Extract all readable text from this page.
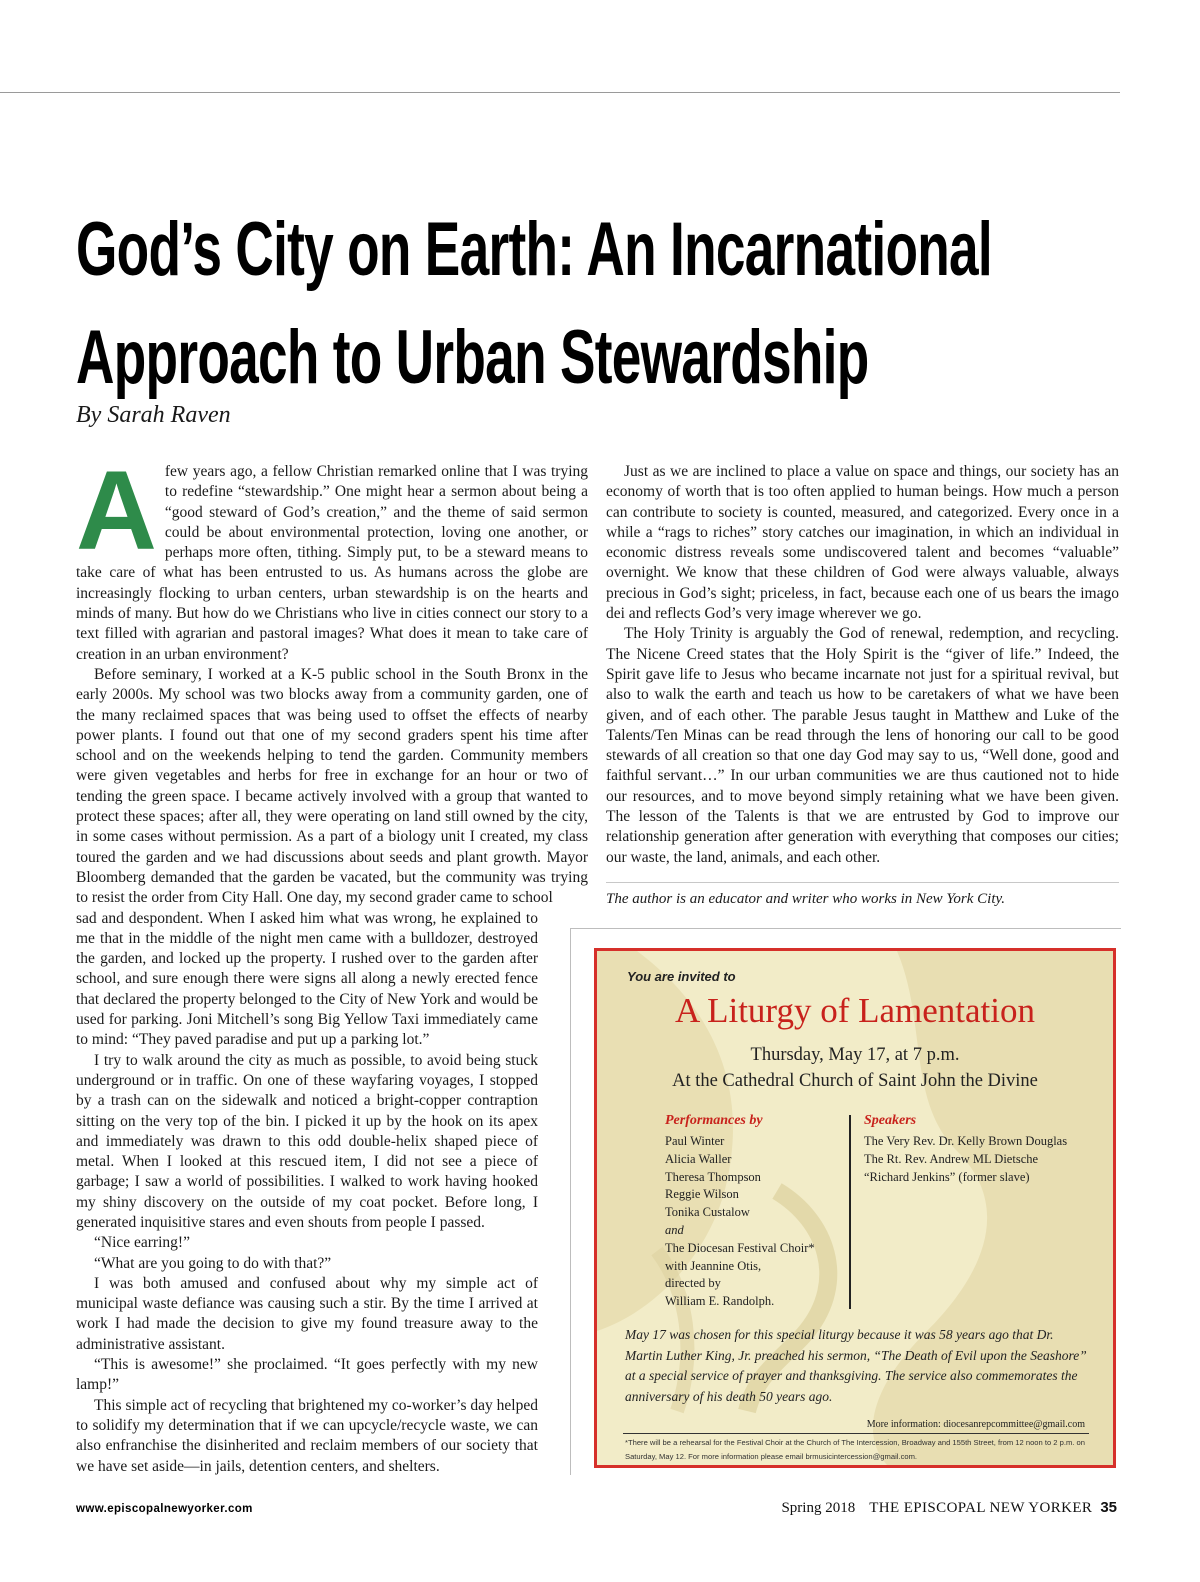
God’s City on Earth: An Incarnational
Approach to Urban Stewardship

By Sarah Raven

A few years ago, a fellow Christian remarked online that I was trying to redefine “stewardship.” One might hear a sermon about being a “good steward of God’s creation,” and the theme of said sermon could be about environmental protection, loving one another, or perhaps more often, tithing. Simply put, to be a steward means to take care of what has been entrusted to us. As humans across the globe are increasingly flocking to urban centers, urban stewardship is on the hearts and minds of many. But how do we Christians who live in cities connect our story to a text filled with agrarian and pastoral images? What does it mean to take care of creation in an urban environment?

Before seminary, I worked at a K-5 public school in the South Bronx in the early 2000s. My school was two blocks away from a community garden, one of the many reclaimed spaces that was being used to offset the effects of nearby power plants. I found out that one of my second graders spent his time after school and on the weekends helping to tend the garden. Community members were given vegetables and herbs for free in exchange for an hour or two of tending the green space. I became actively involved with a group that wanted to protect these spaces; after all, they were operating on land still owned by the city, in some cases without permission. As a part of a biology unit I created, my class toured the garden and we had discussions about seeds and plant growth. Mayor Bloomberg demanded that the garden be vacated, but the community was trying to resist the order from City Hall. One day, my second grader came to school

sad and despondent. When I asked him what was wrong, he explained to me that in the middle of the night men came with a bulldozer, destroyed the garden, and locked up the property. I rushed over to the garden after school, and sure enough there were signs all along a newly erected fence that declared the property belonged to the City of New York and would be used for parking. Joni Mitchell’s song Big Yellow Taxi immediately came to mind: “They paved paradise and put up a parking lot.”

I try to walk around the city as much as possible, to avoid being stuck underground or in traffic. On one of these wayfaring voyages, I stopped by a trash can on the sidewalk and noticed a bright-copper contraption sitting on the very top of the bin. I picked it up by the hook on its apex and immediately was drawn to this odd double-helix shaped piece of metal. When I looked at this rescued item, I did not see a piece of garbage; I saw a world of possibilities. I walked to work having hooked my shiny discovery on the outside of my coat pocket. Before long, I generated inquisitive stares and even shouts from people I passed.

“Nice earring!”

“What are you going to do with that?”

I was both amused and confused about why my simple act of municipal waste defiance was causing such a stir. By the time I arrived at work I had made the decision to give my found treasure away to the administrative assistant.

“This is awesome!” she proclaimed. “It goes perfectly with my new lamp!”

This simple act of recycling that brightened my co-worker’s day helped to solidify my determination that if we can upcycle/recycle waste, we can also enfranchise the disinherited and reclaim members of our society that we have set aside—in jails, detention centers, and shelters.

Just as we are inclined to place a value on space and things, our society has an economy of worth that is too often applied to human beings. How much a person can contribute to society is counted, measured, and categorized. Every once in a while a “rags to riches” story catches our imagination, in which an individual in economic distress reveals some undiscovered talent and becomes “valuable” overnight. We know that these children of God were always valuable, always precious in God’s sight; priceless, in fact, because each one of us bears the imago dei and reflects God’s very image wherever we go.

The Holy Trinity is arguably the God of renewal, redemption, and recycling. The Nicene Creed states that the Holy Spirit is the “giver of life.” Indeed, the Spirit gave life to Jesus who became incarnate not just for a spiritual revival, but also to walk the earth and teach us how to be caretakers of what we have been given, and of each other. The parable Jesus taught in Matthew and Luke of the Talents/Ten Minas can be read through the lens of honoring our call to be good stewards of all creation so that one day God may say to us, “Well done, good and faithful servant…” In our urban communities we are thus cautioned not to hide our resources, and to move beyond simply retaining what we have been given. The lesson of the Talents is that we are entrusted by God to improve our relationship generation after generation with everything that composes our cities; our waste, the land, animals, and each other.

The author is an educator and writer who works in New York City.

You are invited to

A Liturgy of Lamentation

Thursday, May 17, at 7 p.m.

At the Cathedral Church of Saint John the Divine

Performances by

Paul Winter
Alicia Waller
Theresa Thompson
Reggie Wilson
Tonika Custalow
and
The Diocesan Festival Choir*
with Jeannine Otis,
directed by
William E. Randolph.

Speakers

The Very Rev. Dr. Kelly Brown Douglas
The Rt. Rev. Andrew ML Dietsche
“Richard Jenkins” (former slave)

May 17 was chosen for this special liturgy because it was 58 years ago that Dr. Martin Luther King, Jr. preached his sermon, “The Death of Evil upon the Seashore” at a special service of prayer and thanksgiving. The service also commemorates the anniversary of his death 50 years ago.

More information: diocesanrepcommittee@gmail.com

*There will be a rehearsal for the Festival Choir at the Church of The Intercession, Broadway and 155th Street, from 12 noon to 2 p.m. on Saturday, May 12. For more information please email brmusicintercession@gmail.com.

www.episcopalnewyorker.com	Spring 2018 THE EPISCOPAL NEW YORKER 35
